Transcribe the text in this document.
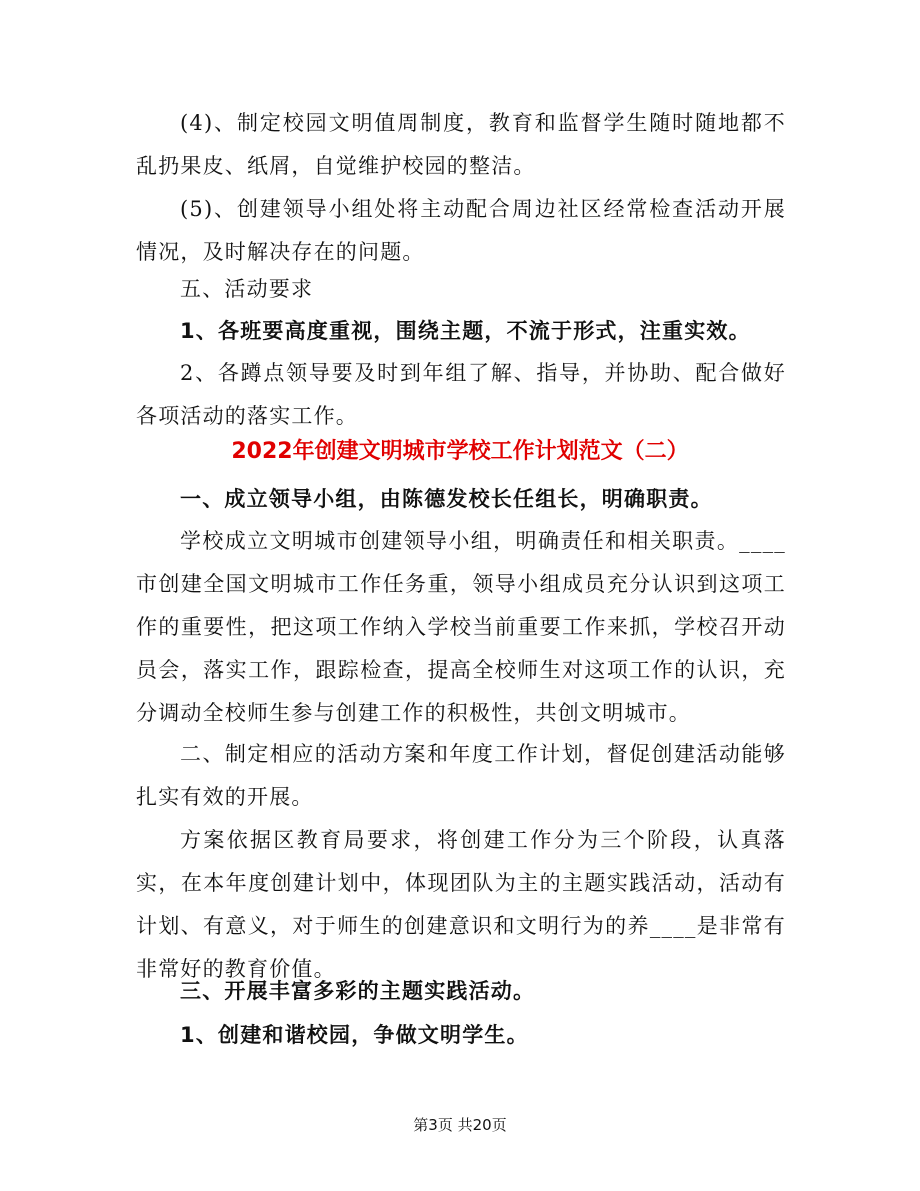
(4)、制定校园文明值周制度，教育和监督学生随时随地都不乱扔果皮、纸屑，自觉维护校园的整洁。

(5)、创建领导小组处将主动配合周边社区经常检查活动开展情况，及时解决存在的问题。

五、活动要求

1、各班要高度重视，围绕主题，不流于形式，注重实效。

2、各蹲点领导要及时到年组了解、指导，并协助、配合做好各项活动的落实工作。

2022年创建文明城市学校工作计划范文（二）

一、成立领导小组，由陈德发校长任组长，明确职责。

学校成立文明城市创建领导小组，明确责任和相关职责。____市创建全国文明城市工作任务重，领导小组成员充分认识到这项工作的重要性，把这项工作纳入学校当前重要工作来抓，学校召开动员会，落实工作，跟踪检查，提高全校师生对这项工作的认识，充分调动全校师生参与创建工作的积极性，共创文明城市。

二、制定相应的活动方案和年度工作计划，督促创建活动能够扎实有效的开展。

方案依据区教育局要求，将创建工作分为三个阶段，认真落实，在本年度创建计划中，体现团队为主的主题实践活动，活动有计划、有意义，对于师生的创建意识和文明行为的养____是非常有非常好的教育价值。

三、开展丰富多彩的主题实践活动。

1、创建和谐校园，争做文明学生。

第3页 共20页
